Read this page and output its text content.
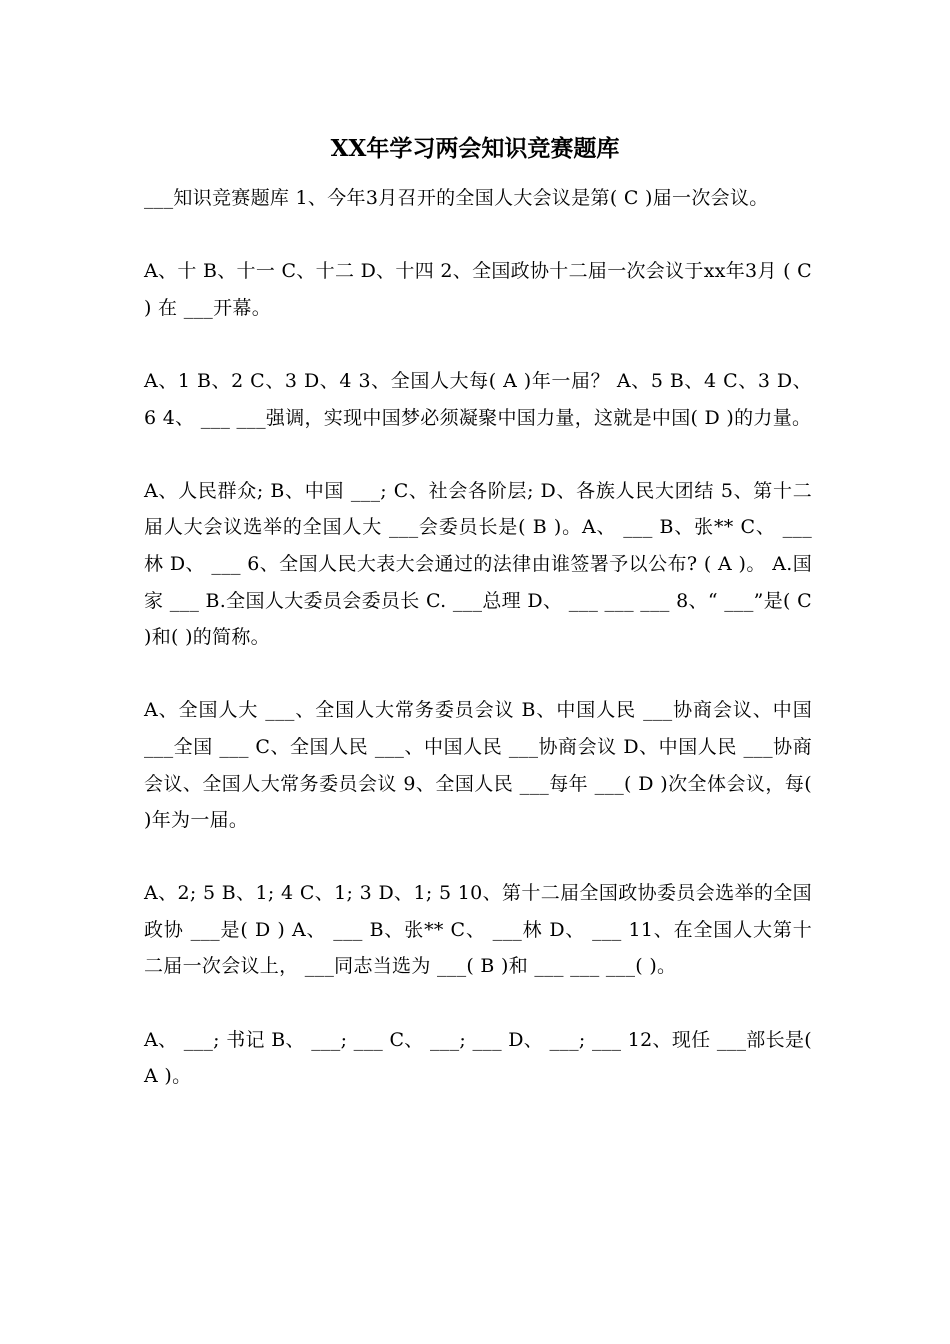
XX年学习两会知识竞赛题库

___知识竞赛题库 1、今年3月召开的全国人大会议是第( C )届一次会议。

A、十 B、十一 C、十二 D、十四 2、全国政协十二届一次会议于xx年3月 ( C ) 在 ___开幕。

A、1 B、2 C、3 D、4 3、全国人大每( A )年一届？ A、5 B、4 C、3 D、6 4、 ___ ___强调，实现中国梦必须凝聚中国力量，这就是中国( D )的力量。

A、人民群众; B、中国 ___; C、社会各阶层; D、各族人民大团结 5、第十二届人大会议选举的全国人大 ___会委员长是( B )。A、 ___ B、张** C、 ___林 D、 ___ 6、全国人民大表大会通过的法律由谁签署予以公布? ( A )。 A.国家 ___ B.全国人大委员会委员长 C. ___总理 D、 ___ ___ ___ 8、“ ___”是( C )和( )的简称。

A、全国人大 ___、全国人大常务委员会议 B、中国人民 ___协商会议、中国 ___全国 ___ C、全国人民 ___、中国人民 ___协商会议 D、中国人民 ___协商会议、全国人大常务委员会议 9、全国人民 ___每年 ___( D )次全体会议，每( )年为一届。

A、2; 5 B、1; 4 C、1; 3 D、1; 5 10、第十二届全国政协委员会选举的全国政协 ___是( D ) A、 ___ B、张** C、 ___林 D、 ___ 11、在全国人大第十二届一次会议上， ___同志当选为 ___( B )和 ___ ___ ___( )。

A、 ___; 书记 B、 ___; ___ C、 ___; ___ D、 ___; ___ 12、现任 ___部长是( A )。
